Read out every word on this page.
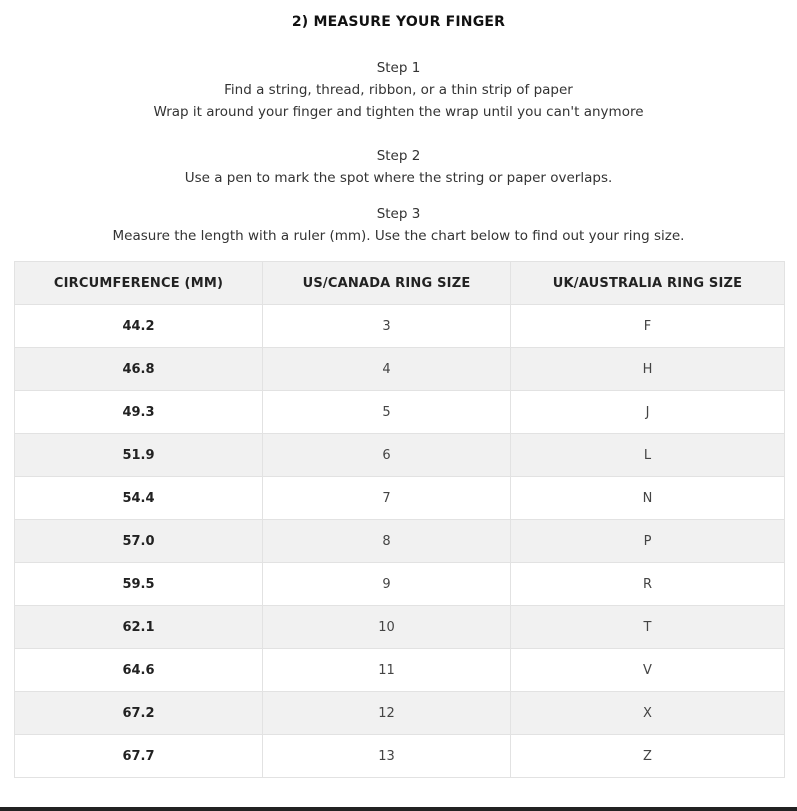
2) MEASURE YOUR FINGER
Step 1
Find a string, thread, ribbon, or a thin strip of paper
Wrap it around your finger and tighten the wrap until you can't anymore
Step 2
Use a pen to mark the spot where the string or paper overlaps.
Step 3
Measure the length with a ruler (mm). Use the chart below to find out your ring size.
CIRCUMFERENCE (MM)	US/CANADA RING SIZE	UK/AUSTRALIA RING SIZE
44.2	3	F
46.8	4	H
49.3	5	J
51.9	6	L
54.4	7	N
57.0	8	P
59.5	9	R
62.1	10	T
64.6	11	V
67.2	12	X
67.7	13	Z
